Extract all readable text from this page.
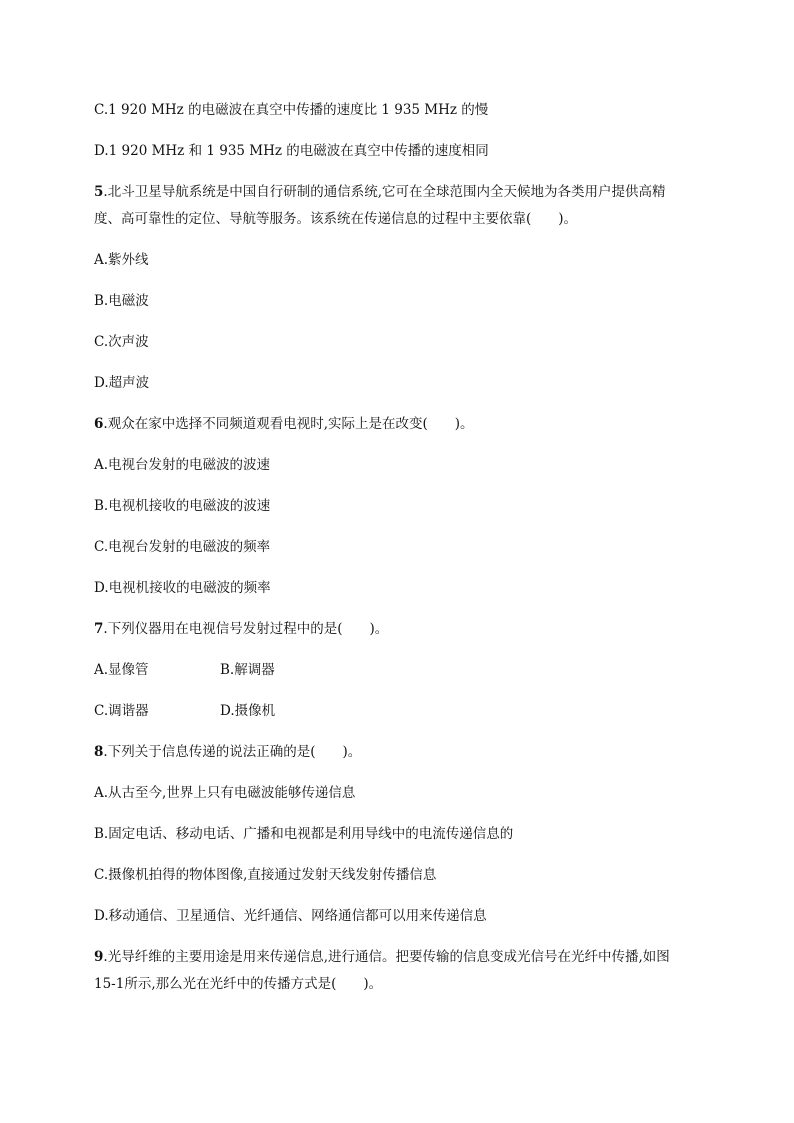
C.1 920 MHz 的电磁波在真空中传播的速度比 1 935 MHz 的慢
D.1 920 MHz 和 1 935 MHz 的电磁波在真空中传播的速度相同
5.北斗卫星导航系统是中国自行研制的通信系统,它可在全球范围内全天候地为各类用户提供高精
度、高可靠性的定位、导航等服务。该系统在传递信息的过程中主要依靠(　　)。
A.紫外线
B.电磁波
C.次声波
D.超声波
6.观众在家中选择不同频道观看电视时,实际上是在改变(　　)。
A.电视台发射的电磁波的波速
B.电视机接收的电磁波的波速
C.电视台发射的电磁波的频率
D.电视机接收的电磁波的频率
7.下列仪器用在电视信号发射过程中的是(　　)。
A.显像管	B.解调器
C.调谐器	D.摄像机
8.下列关于信息传递的说法正确的是(　　)。
A.从古至今,世界上只有电磁波能够传递信息
B.固定电话、移动电话、广播和电视都是利用导线中的电流传递信息的
C.摄像机拍得的物体图像,直接通过发射天线发射传播信息
D.移动通信、卫星通信、光纤通信、网络通信都可以用来传递信息
9.光导纤维的主要用途是用来传递信息,进行通信。把要传输的信息变成光信号在光纤中传播,如图
15-1所示,那么光在光纤中的传播方式是(　　)。
